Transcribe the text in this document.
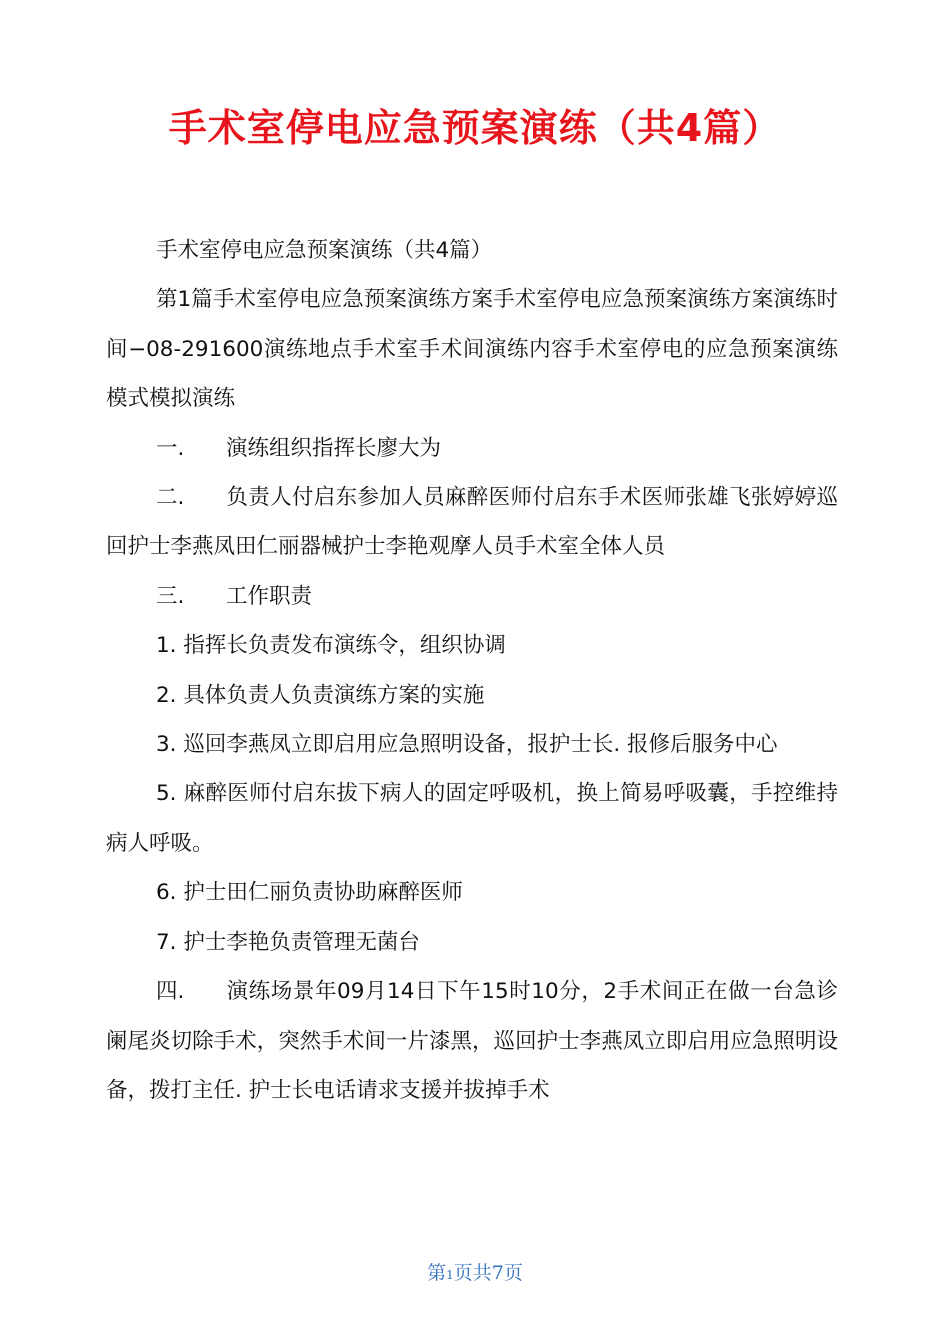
手术室停电应急预案演练（共4篇）

手术室停电应急预案演练（共4篇）

第1篇手术室停电应急预案演练方案手术室停电应急预案演练方案演练时间−08-291600演练地点手术室手术间演练内容手术室停电的应急预案演练模式模拟演练

一. 演练组织指挥长廖大为

二. 负责人付启东参加人员麻醉医师付启东手术医师张雄飞张婷婷巡回护士李燕凤田仁丽器械护士李艳观摩人员手术室全体人员

三. 工作职责

1. 指挥长负责发布演练令，组织协调

2. 具体负责人负责演练方案的实施

3. 巡回李燕凤立即启用应急照明设备，报护士长. 报修后服务中心

5. 麻醉医师付启东拔下病人的固定呼吸机，换上简易呼吸囊，手控维持病人呼吸。

6. 护士田仁丽负责协助麻醉医师

7. 护士李艳负责管理无菌台

四. 演练场景年09月14日下午15时10分，2手术间正在做一台急诊阑尾炎切除手术，突然手术间一片漆黑，巡回护士李燕凤立即启用应急照明设备，拨打主任. 护士长电话请求支援并拔掉手术

第1页共7页
